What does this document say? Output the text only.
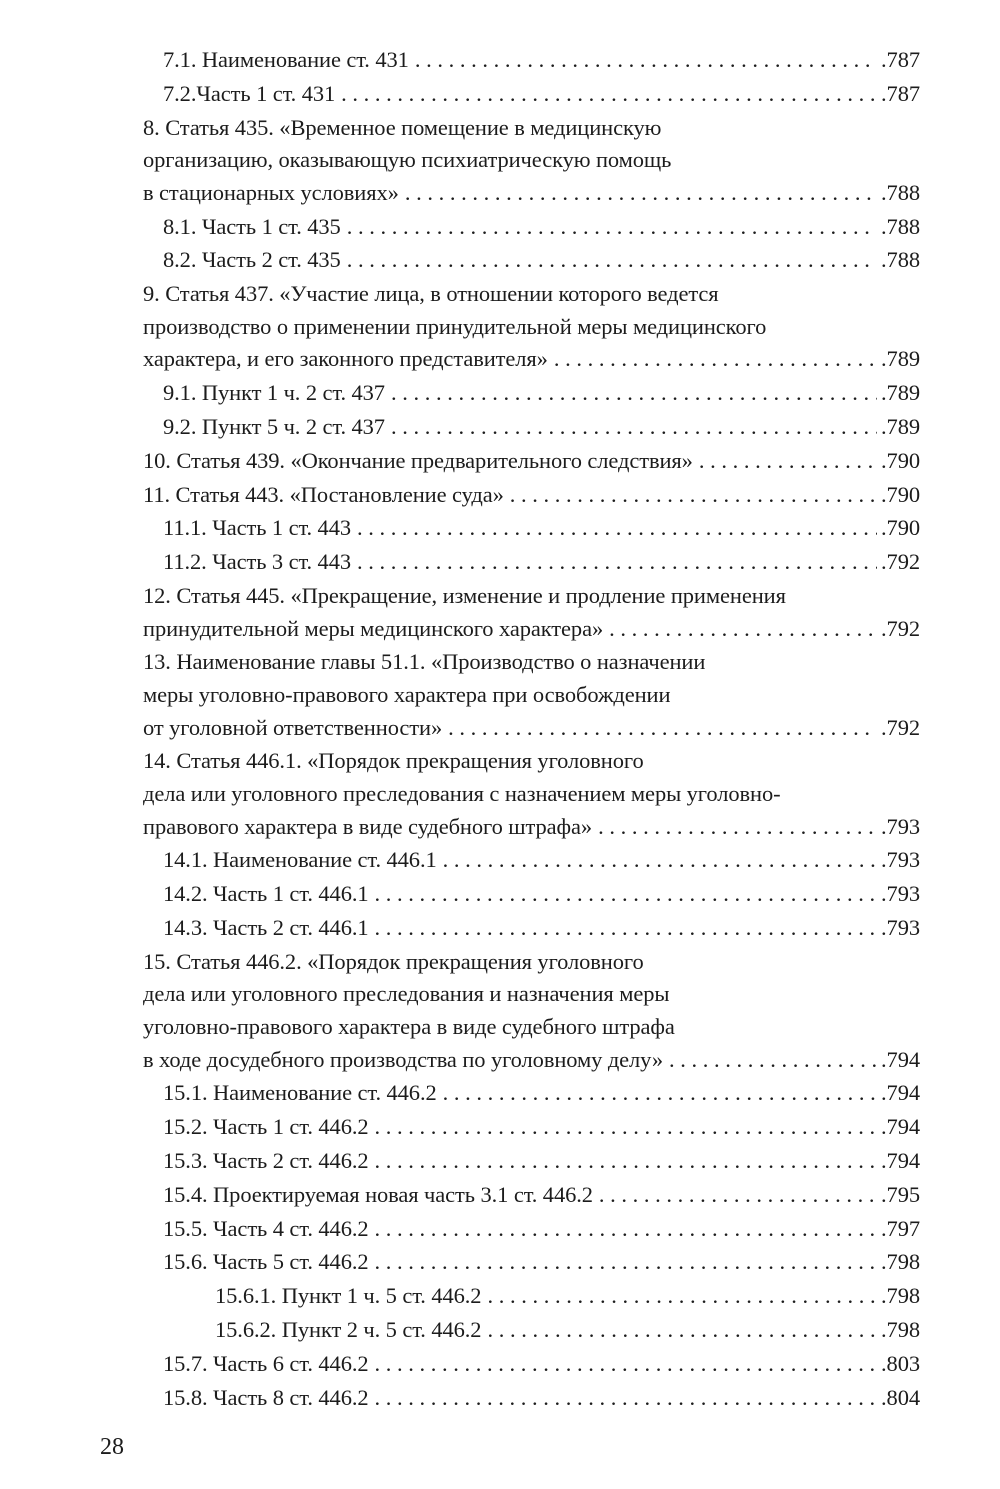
7.1. Наименование ст. 431 . . .	.787
7.2.Часть 1 ст. 431 . . .	.787
8. Статья 435. «Временное помещение в медицинскую
организацию, оказывающую психиатрическую помощь
в стационарных условиях» . . .	.788
8.1. Часть 1 ст. 435 . . .	.788
8.2. Часть 2 ст. 435 . . .	.788
9. Статья 437. «Участие лица, в отношении которого ведется
производство о применении принудительной меры медицинского
характера, и его законного представителя» . . .	.789
9.1. Пункт 1 ч. 2 ст. 437 . . .	.789
9.2. Пункт 5 ч. 2 ст. 437 . . .	.789
10. Статья 439. «Окончание предварительного следствия» . . .	.790
11. Статья 443. «Постановление суда» . . .	.790
11.1. Часть 1 ст. 443 . . .	.790
11.2. Часть 3 ст. 443 . . .	.792
12. Статья 445. «Прекращение, изменение и продление применения
принудительной меры медицинского характера» . . .	.792
13. Наименование главы 51.1. «Производство о назначении
меры уголовно-правового характера при освобождении
от уголовной ответственности» . . .	.792
14. Статья 446.1. «Порядок прекращения уголовного
дела или уголовного преследования с назначением меры уголовно-
правового характера в виде судебного штрафа» . . .	.793
14.1. Наименование ст. 446.1 . . .	.793
14.2. Часть 1 ст. 446.1 . . .	.793
14.3. Часть 2 ст. 446.1 . . .	.793
15. Статья 446.2. «Порядок прекращения уголовного
дела или уголовного преследования и назначения меры
уголовно-правового характера в виде судебного штрафа
в ходе досудебного производства по уголовному делу» . . .	.794
15.1. Наименование ст. 446.2 . . .	.794
15.2. Часть 1 ст. 446.2 . . .	.794
15.3. Часть 2 ст. 446.2 . . .	.794
15.4. Проектируемая новая часть 3.1 ст. 446.2 . . .	.795
15.5. Часть 4 ст. 446.2 . . .	.797
15.6. Часть 5 ст. 446.2 . . .	.798
15.6.1. Пункт 1 ч. 5 ст. 446.2 . . .	.798
15.6.2. Пункт 2 ч. 5 ст. 446.2 . . .	.798
15.7. Часть 6 ст. 446.2 . . .	.803
15.8. Часть 8 ст. 446.2 . . .	.804
28
